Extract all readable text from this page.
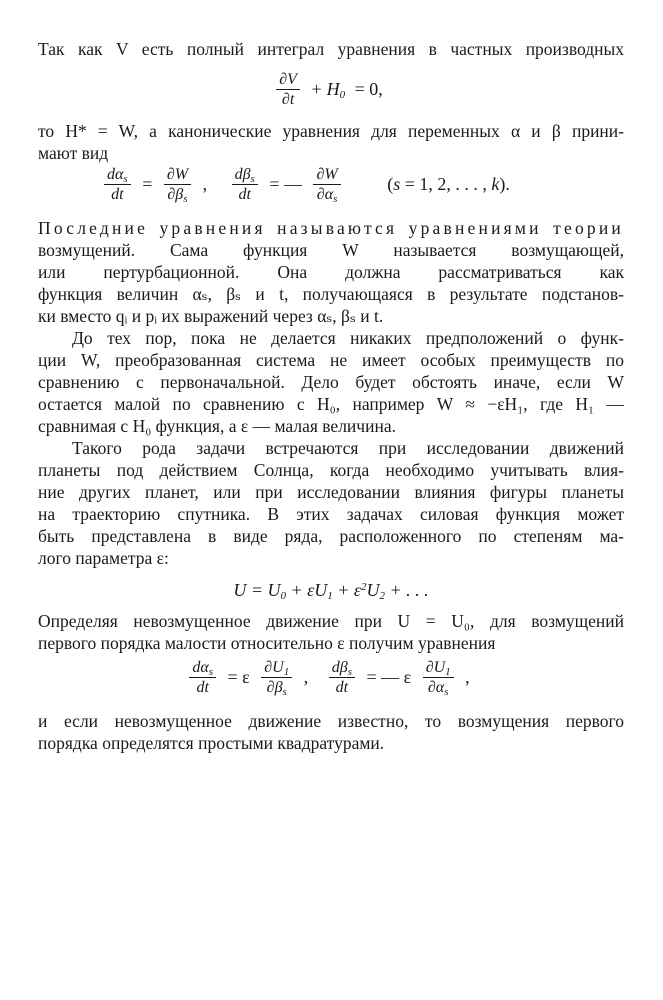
Так как V есть полный интеграл уравнения в частных производных
$\frac{\partial V}{\partial t} + H_0 = 0$,
то H* = W, а канонические уравнения для переменных α и β прини-
мают вид
$\frac{d\alpha_s}{dt} = \frac{\partial W}{\partial\beta_s}$ , $\frac{d\beta_s}{dt}$ = — $\frac{\partial W}{\partial\alpha_s}$	(s = 1, 2, . . . , k).
Последние уравнения называются уравнениями теории
возмущений. Сама функция W называется возмущающей,
или пертурбационной. Она должна рассматриваться как
функция величин αₛ, βₛ и t, получающаяся в результате подстанов-
ки вместо qᵢ и pᵢ их выражений через αₛ, βₛ и t.
До тех пор, пока не делается никаких предположений о функ-
ции W, преобразованная система не имеет особых преимуществ по
сравнению с первоначальной. Дело будет обстоять иначе, если W
остается малой по сравнению с H₀, например W ≈ −εH₁, где H₁ —
сравнимая с H₀ функция, а ε — малая величина.
Такого рода задачи встречаются при исследовании движений
планеты под действием Солнца, когда необходимо учитывать влия-
ние других планет, или при исследовании влияния фигуры планеты
на траекторию спутника. В этих задачах силовая функция может
быть представлена в виде ряда, расположенного по степеням ма-
лого параметра ε:
$U = U_0 + \varepsilon U_1 + \varepsilon^2U_2$ + . . .
Определяя невозмущенное движение при U = U₀, для возмущений
первого порядка малости относительно ε получим уравнения
$\frac{d\alpha_s}{dt} = \varepsilon \frac{\partial U_1}{\partial\beta_s}$ , $\frac{d\beta_s}{dt}$ = — ε $\frac{\partial U_1}{\partial\alpha_s}$ ,
и если невозмущенное движение известно, то возмущения первого
порядка определятся простыми квадратурами.
